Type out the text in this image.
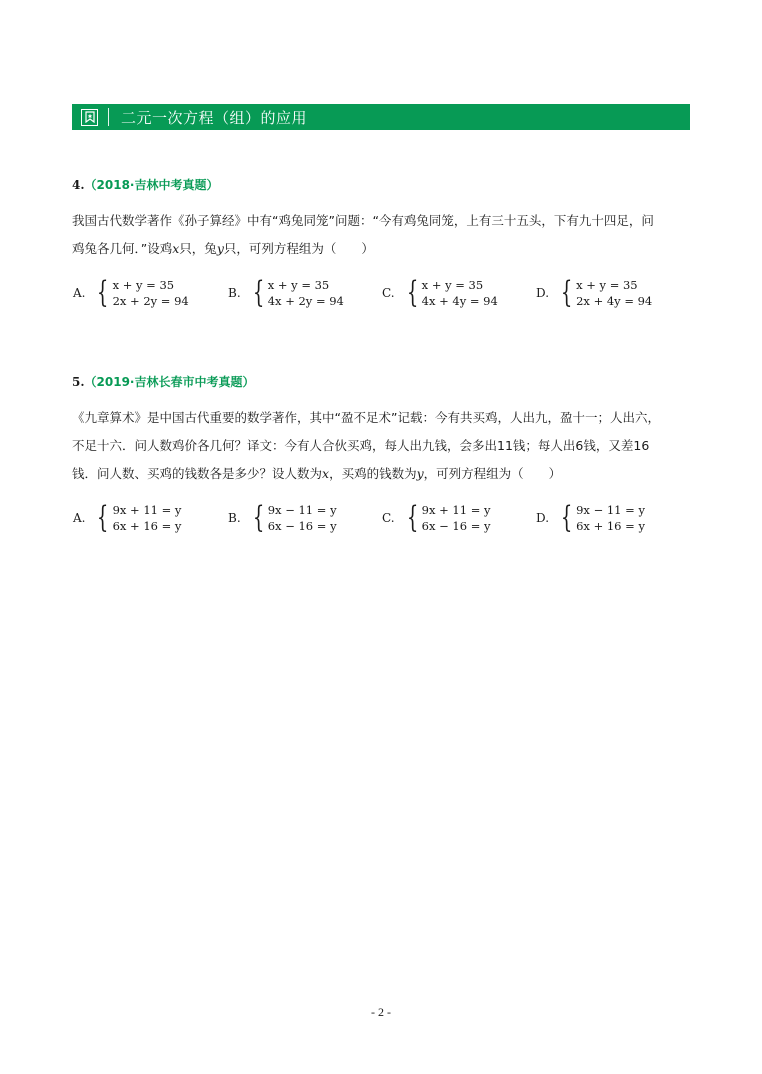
二元一次方程（组）的应用
4.（2018·吉林中考真题）
我国古代数学著作《孙子算经》中有“鸡兔同笼”问题：“今有鸡兔同笼，上有三十五头，下有九十四足，问
鸡兔各几何．”设鸡x只，兔y只，可列方程组为（　　）
A. { x + y = 35
2x + 2y = 94
B. { x + y = 35
4x + 2y = 94
C. { x + y = 35
4x + 4y = 94
D. { x + y = 35
2x + 4y = 94
5.（2019·吉林长春市中考真题）
《九章算术》是中国古代重要的数学著作，其中“盈不足术”记载：今有共买鸡，人出九，盈十一；人出六，
不足十六．问人数鸡价各几何？译文：今有人合伙买鸡，每人出九钱，会多出11钱；每人出6钱，又差16
钱．问人数、买鸡的钱数各是多少？设人数为x，买鸡的钱数为y，可列方程组为（　　）
A. { 9x + 11 = y
6x + 16 = y
B. { 9x − 11 = y
6x − 16 = y
C. { 9x + 11 = y
6x − 16 = y
D. { 9x − 11 = y
6x + 16 = y
- 2 -
